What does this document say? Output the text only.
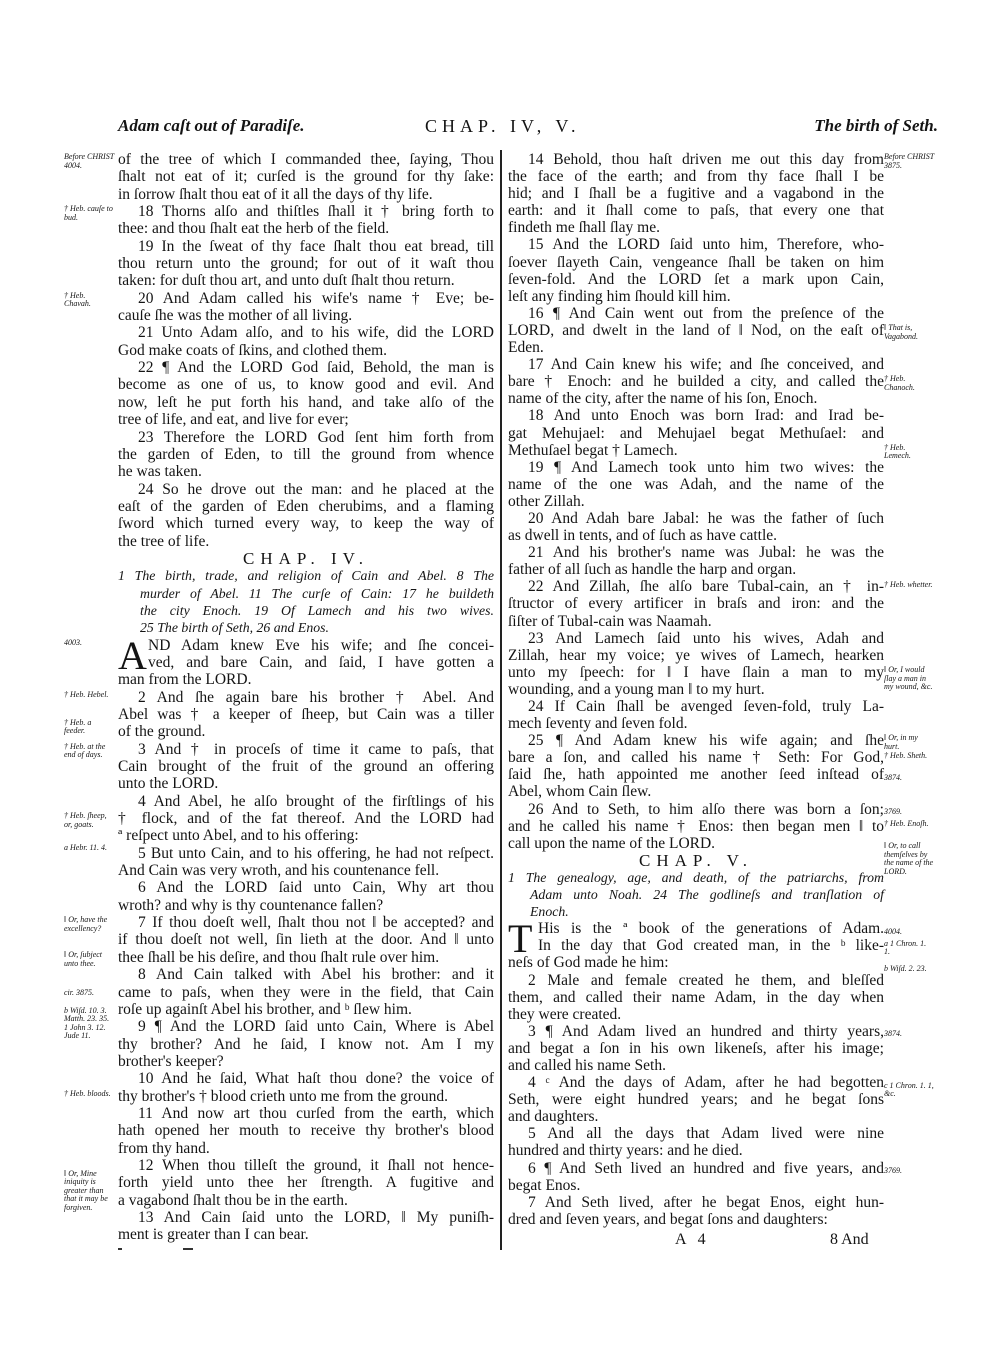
Adam caſt out of Paradiſe.	CHAP. IV, V.	The birth of Seth.
of the tree of which I commanded thee, ſaying, Thou
ſhalt not eat of it; curſed is the ground for thy ſake:
in ſorrow ſhalt thou eat of it all the days of thy life.
18 Thorns alſo and thiſtles ſhall it † bring forth to
thee: and thou ſhalt eat the herb of the field.
19 In the ſweat of thy face ſhalt thou eat bread, till
thou return unto the ground; for out of it waſt thou
taken: for duſt thou art, and unto duſt ſhalt thou return.
20 And Adam called his wife's name † Eve; be-
cauſe ſhe was the mother of all living.
21 Unto Adam alſo, and to his wife, did the LORD
God make coats of ſkins, and clothed them.
22 ¶ And the LORD God ſaid, Behold, the man is
become as one of us, to know good and evil. And
now, leſt he put forth his hand, and take alſo of the
tree of life, and eat, and live for ever;
23 Therefore the LORD God ſent him forth from
the garden of Eden, to till the ground from whence
he was taken.
24 So he drove out the man: and he placed at the
eaſt of the garden of Eden cherubims, and a flaming
ſword which turned every way, to keep the way of
the tree of life.
CHAP. IV.
1 The birth, trade, and religion of Cain and Abel. 8 The
murder of Abel. 11 The curſe of Cain: 17 he buildeth
the city Enoch. 19 Of Lamech and his two wives.
25 The birth of Seth, 26 and Enos.
A ND Adam knew Eve his wife; and ſhe concei-
ved, and bare Cain, and ſaid, I have gotten a
man from the LORD.
2 And ſhe again bare his brother † Abel. And
Abel was † a keeper of ſheep, but Cain was a tiller
of the ground.
3 And † in proceſs of time it came to paſs, that
Cain brought of the fruit of the ground an offering
unto the LORD.
4 And Abel, he alſo brought of the firſtlings of his
† flock, and of the fat thereof. And the LORD had
ª reſpect unto Abel, and to his offering:
5 But unto Cain, and to his offering, he had not reſpect.
And Cain was very wroth, and his countenance fell.
6 And the LORD ſaid unto Cain, Why art thou
wroth? and why is thy countenance fallen?
7 If thou doeſt well, ſhalt thou not ‖ be accepted? and
if thou doeſt not well, ſin lieth at the door. And ‖ unto
thee ſhall be his deſire, and thou ſhalt rule over him.
8 And Cain talked with Abel his brother: and it
came to paſs, when they were in the field, that Cain
roſe up againſt Abel his brother, and ᵇ ſlew him.
9 ¶ And the LORD ſaid unto Cain, Where is Abel
thy brother? And he ſaid, I know not. Am I my
brother's keeper?
10 And he ſaid, What haſt thou done? the voice of
thy brother's † blood crieth unto me from the ground.
11 And now art thou curſed from the earth, which
hath opened her mouth to receive thy brother's blood
from thy hand.
12 When thou tilleſt the ground, it ſhall not hence-
forth yield unto thee her ſtrength. A fugitive and
a vagabond ſhalt thou be in the earth.
13 And Cain ſaid unto the LORD, ‖ My puniſh-
ment is greater than I can bear.
14 Behold, thou haſt driven me out this day from
the face of the earth; and from thy face ſhall I be
hid; and I ſhall be a fugitive and a vagabond in the
earth: and it ſhall come to paſs, that every one that
findeth me ſhall ſlay me.
15 And the LORD ſaid unto him, Therefore, who-
ſoever ſlayeth Cain, vengeance ſhall be taken on him
ſeven-fold. And the LORD ſet a mark upon Cain,
leſt any finding him ſhould kill him.
16 ¶ And Cain went out from the preſence of the
LORD, and dwelt in the land of ‖ Nod, on the eaſt of
Eden.
17 And Cain knew his wife; and ſhe conceived, and
bare † Enoch: and he builded a city, and called the
name of the city, after the name of his ſon, Enoch.
18 And unto Enoch was born Irad: and Irad be-
gat Mehujael: and Mehujael begat Methuſael: and
Methuſael begat † Lamech.
19 ¶ And Lamech took unto him two wives: the
name of the one was Adah, and the name of the
other Zillah.
20 And Adah bare Jabal: he was the father of ſuch
as dwell in tents, and of ſuch as have cattle.
21 And his brother's name was Jubal: he was the
father of all ſuch as handle the harp and organ.
22 And Zillah, ſhe alſo bare Tubal-cain, an † in-
ſtructor of every artificer in braſs and iron: and the
ſiſter of Tubal-cain was Naamah.
23 And Lamech ſaid unto his wives, Adah and
Zillah, hear my voice; ye wives of Lamech, hearken
unto my ſpeech: for ‖ I have ſlain a man to my
wounding, and a young man ‖ to my hurt.
24 If Cain ſhall be avenged ſeven-fold, truly La-
mech ſeventy and ſeven fold.
25 ¶ And Adam knew his wife again; and ſhe
bare a ſon, and called his name † Seth: For God,
ſaid ſhe, hath appointed me another ſeed inſtead of
Abel, whom Cain ſlew.
26 And to Seth, to him alſo there was born a ſon;
and he called his name † Enos: then began men ‖ to
call upon the name of the LORD.
CHAP. V.
1 The genealogy, age, and death, of the patriarchs, from
Adam unto Noah. 24 The godlineſs and tranſlation of
Enoch.
T His is the ª book of the generations of Adam.
In the day that God created man, in the ᵇ like-
neſs of God made he him:
2 Male and female created he them, and bleſſed
them, and called their name Adam, in the day when
they were created.
3 ¶ And Adam lived an hundred and thirty years,
and begat a ſon in his own likeneſs, after his image;
and called his name Seth.
4 ᶜ And the days of Adam, after he had begotten
Seth, were eight hundred years; and he begat ſons
and daughters.
5 And all the days that Adam lived were nine
hundred and thirty years: and he died.
6 ¶ And Seth lived an hundred and five years, and
begat Enos.
7 And Seth lived, after he begat Enos, eight hun-
dred and ſeven years, and begat ſons and daughters:
Before CHRIST 4004.
† Heb. cauſe to bud.
† Heb. Chavah.
4003.
† Heb. Hebel.
† Heb. a feeder.
† Heb. at the end of days.
† Heb. ſheep, or, goats.
a Hebr. 11. 4.
‖ Or, have the excellency?
‖ Or, ſubject unto thee.
cir. 3875.
b Wiſd. 10. 3. Matth. 23. 35. 1 John 3. 12. Jude 11.
† Heb. bloods.
‖ Or, Mine iniquity is greater than that it may be forgiven.
Before CHRIST 3875.
‖ That is, Vagabond.
† Heb. Chanoch.
† Heb. Lemech.
† Heb. whetter.
‖ Or, I would ſlay a man in my wound, &c.
‖ Or, in my hurt.
† Heb. Sheth.
3874.
3769.
† Heb. Enoſh.
‖ Or, to call themſelves by the name of the LORD.
4004.
a 1 Chron. 1. 1.
b Wiſd. 2. 23.
3874.
c 1 Chron. 1. 1, &c.
3769.
A 4	8 And
